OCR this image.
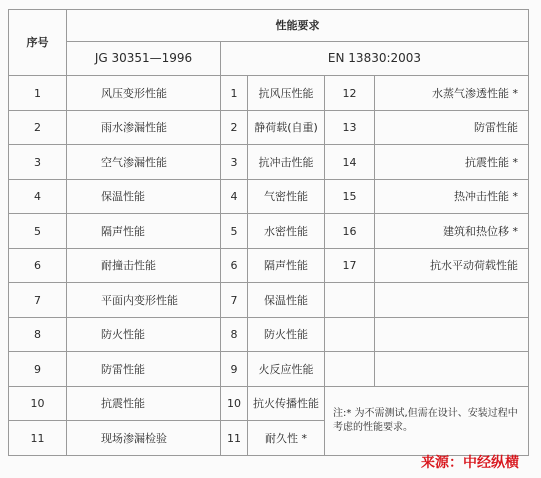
序号	性能要求				
	JG 30351—1996	EN 13830:2003			
1	风压变形性能	1	抗风压性能	12	水蒸气渗透性能 *
2	雨水渗漏性能	2	静荷载(自重)	13	防雷性能
3	空气渗漏性能	3	抗冲击性能	14	抗震性能 *
4	保温性能	4	气密性能	15	热冲击性能 *
5	隔声性能	5	水密性能	16	建筑和热位移 *
6	耐撞击性能	6	隔声性能	17	抗水平动荷载性能
7	平面内变形性能	7	保温性能		
8	防火性能	8	防火性能		
9	防雷性能	9	火反应性能		
10	抗震性能	10	抗火传播性能	注:* 为不需测试,但需在设计、安装过程中考虑的性能要求。	
11	现场渗漏检验	11	耐久性 *		
来源：中经纵横
